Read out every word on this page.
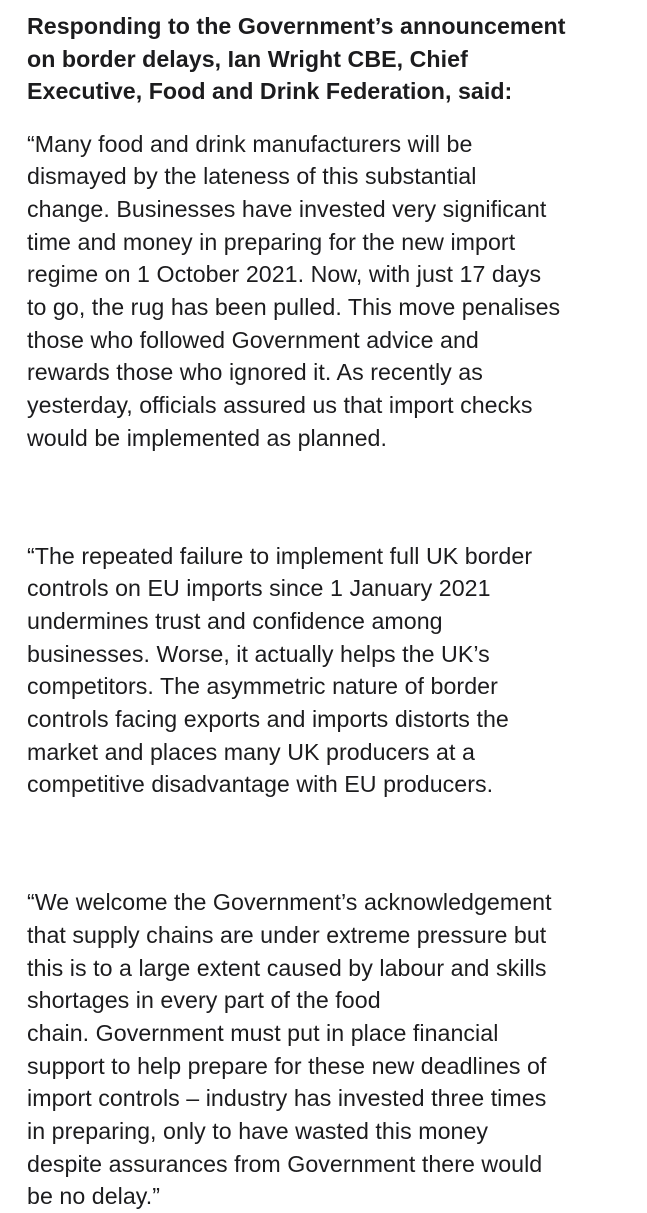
Responding to the Government’s announcement
on border delays, Ian Wright CBE, Chief
Executive, Food and Drink Federation, said:

“Many food and drink manufacturers will be
dismayed by the lateness of this substantial
change. Businesses have invested very significant
time and money in preparing for the new import
regime on 1 October 2021. Now, with just 17 days
to go, the rug has been pulled. This move penalises
those who followed Government advice and
rewards those who ignored it. As recently as
yesterday, officials assured us that import checks
would be implemented as planned.

“The repeated failure to implement full UK border
controls on EU imports since 1 January 2021
undermines trust and confidence among
businesses. Worse, it actually helps the UK’s
competitors. The asymmetric nature of border
controls facing exports and imports distorts the
market and places many UK producers at a
competitive disadvantage with EU producers.

“We welcome the Government’s acknowledgement
that supply chains are under extreme pressure but
this is to a large extent caused by labour and skills
shortages in every part of the food
chain. Government must put in place financial
support to help prepare for these new deadlines of
import controls – industry has invested three times
in preparing, only to have wasted this money
despite assurances from Government there would
be no delay.”
